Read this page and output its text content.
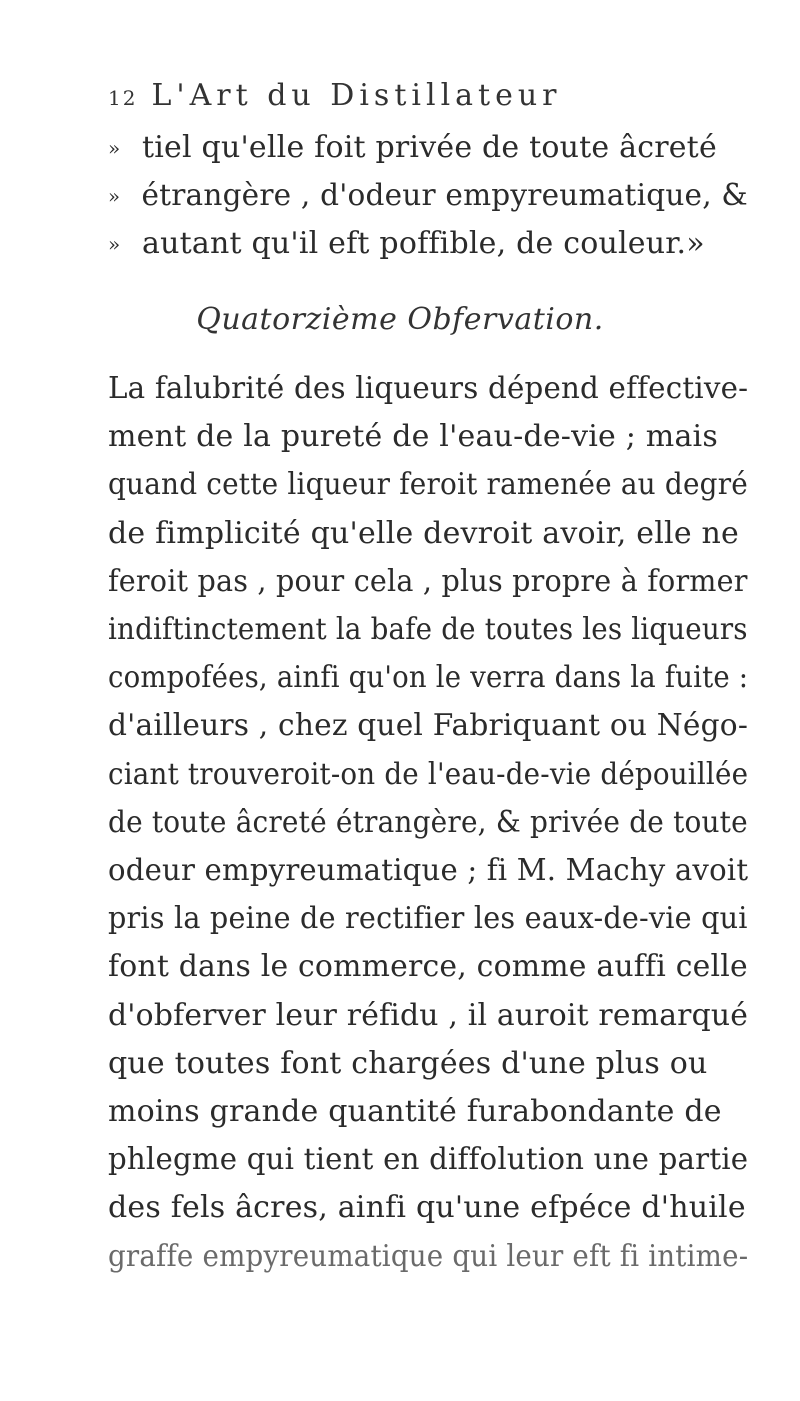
12 L'Art du Distillateur
» tiel qu'elle foit privée de toute âcreté
» étrangère , d'odeur empyreumatique, &
» autant qu'il eft poffible, de couleur.»
Quatorzième Obfervation.
La falubrité des liqueurs dépend effective-
ment de la pureté de l'eau-de-vie ; mais
quand cette liqueur feroit ramenée au degré
de fimplicité qu'elle devroit avoir, elle ne
feroit pas , pour cela , plus propre à former
indiftinctement la bafe de toutes les liqueurs
compofées, ainfi qu'on le verra dans la fuite :
d'ailleurs , chez quel Fabriquant ou Négo-
ciant trouveroit-on de l'eau-de-vie dépouillée
de toute âcreté étrangère, & privée de toute
odeur empyreumatique ; fi M. Machy avoit
pris la peine de rectifier les eaux-de-vie qui
font dans le commerce, comme auffi celle
d'obferver leur réfidu , il auroit remarqué
que toutes font chargées d'une plus ou
moins grande quantité furabondante de
phlegme qui tient en diffolution une partie
des fels âcres, ainfi qu'une efpéce d'huile
graffe empyreumatique qui leur eft fi intime-
